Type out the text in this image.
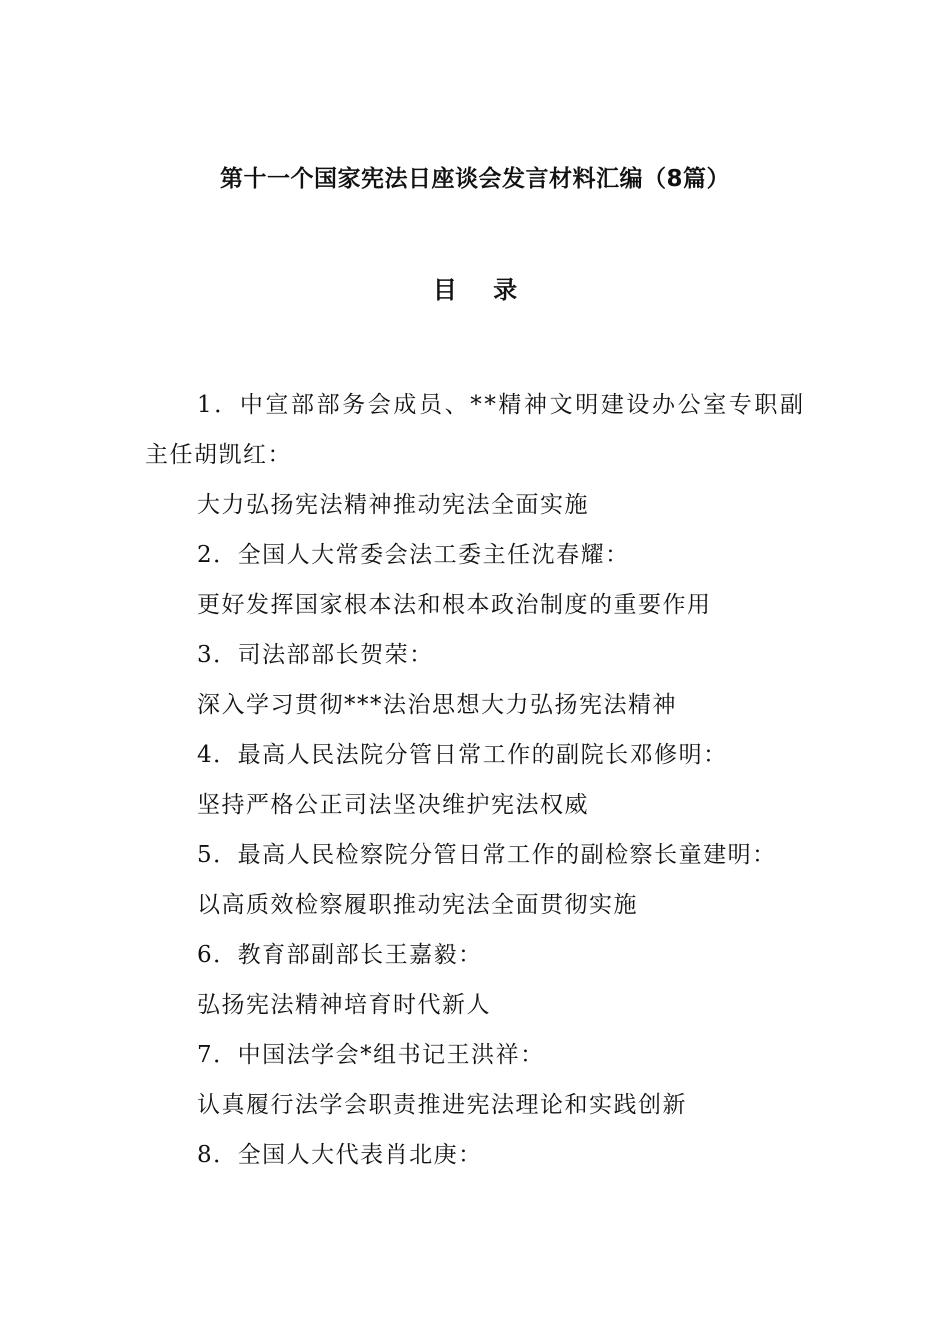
第十一个国家宪法日座谈会发言材料汇编（8篇）
目 录
1．中宣部部务会成员、**精神文明建设办公室专职副
主任胡凯红：
大力弘扬宪法精神推动宪法全面实施
2．全国人大常委会法工委主任沈春耀：
更好发挥国家根本法和根本政治制度的重要作用
3．司法部部长贺荣：
深入学习贯彻***法治思想大力弘扬宪法精神
4．最高人民法院分管日常工作的副院长邓修明：
坚持严格公正司法坚决维护宪法权威
5．最高人民检察院分管日常工作的副检察长童建明：
以高质效检察履职推动宪法全面贯彻实施
6．教育部副部长王嘉毅：
弘扬宪法精神培育时代新人
7．中国法学会*组书记王洪祥：
认真履行法学会职责推进宪法理论和实践创新
8．全国人大代表肖北庚：
